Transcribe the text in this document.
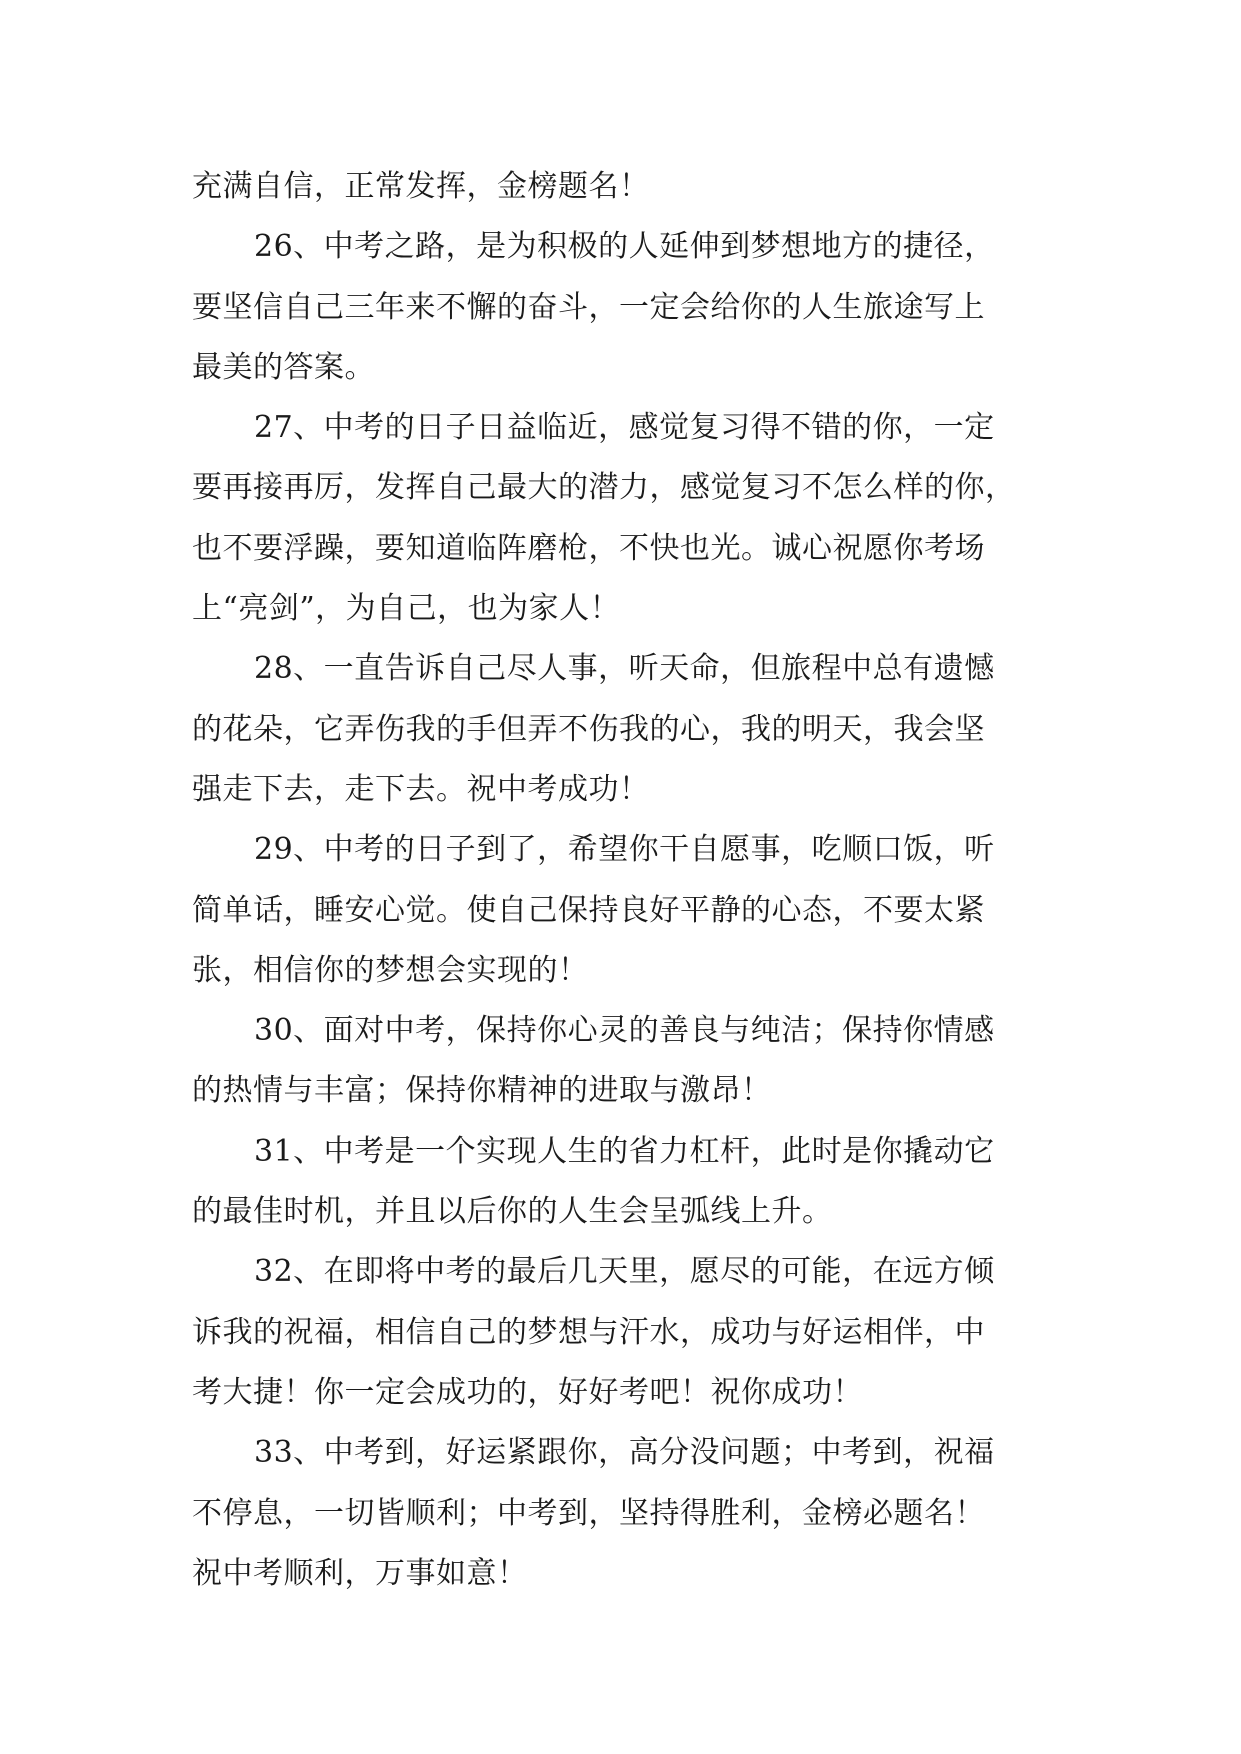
充满自信，正常发挥，金榜题名！

26、中考之路，是为积极的人延伸到梦想地方的捷径，
要坚信自己三年来不懈的奋斗，一定会给你的人生旅途写上
最美的答案。

27、中考的日子日益临近，感觉复习得不错的你，一定
要再接再厉，发挥自己最大的潜力，感觉复习不怎么样的你，
也不要浮躁，要知道临阵磨枪，不快也光。诚心祝愿你考场
上“亮剑”，为自己，也为家人！

28、一直告诉自己尽人事，听天命，但旅程中总有遗憾
的花朵，它弄伤我的手但弄不伤我的心，我的明天，我会坚
强走下去，走下去。祝中考成功！

29、中考的日子到了，希望你干自愿事，吃顺口饭，听
简单话，睡安心觉。使自己保持良好平静的心态，不要太紧
张，相信你的梦想会实现的！

30、面对中考，保持你心灵的善良与纯洁；保持你情感
的热情与丰富；保持你精神的进取与激昂！

31、中考是一个实现人生的省力杠杆，此时是你撬动它
的最佳时机，并且以后你的人生会呈弧线上升。

32、在即将中考的最后几天里，愿尽的可能，在远方倾
诉我的祝福，相信自己的梦想与汗水，成功与好运相伴，中
考大捷！你一定会成功的，好好考吧！祝你成功！

33、中考到，好运紧跟你，高分没问题；中考到，祝福
不停息，一切皆顺利；中考到，坚持得胜利，金榜必题名！
祝中考顺利，万事如意！
